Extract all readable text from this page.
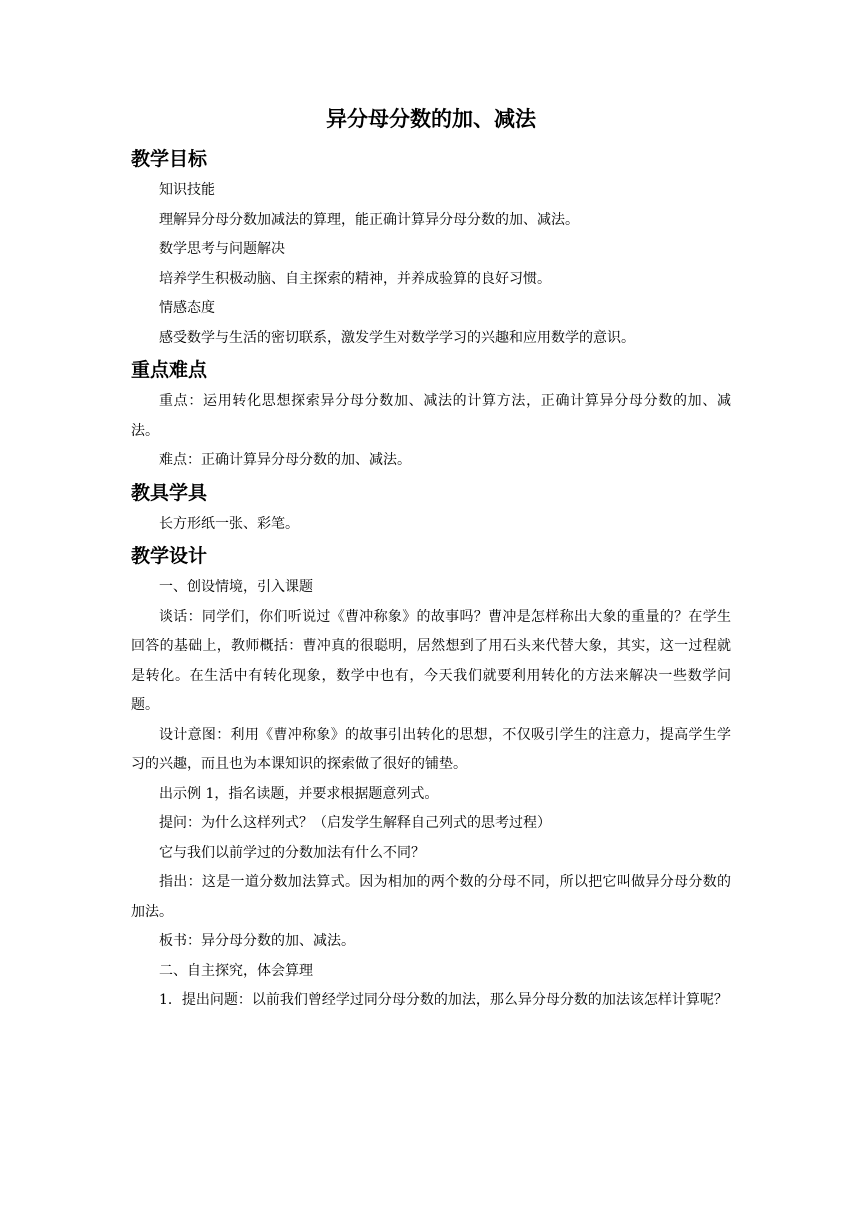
异分母分数的加、减法
教学目标

知识技能

理解异分母分数加减法的算理，能正确计算异分母分数的加、减法。

数学思考与问题解决

培养学生积极动脑、自主探索的精神，并养成验算的良好习惯。

情感态度

感受数学与生活的密切联系，激发学生对数学学习的兴趣和应用数学的意识。

重点难点

重点：运用转化思想探索异分母分数加、减法的计算方法，正确计算异分母分数的加、减法。

难点：正确计算异分母分数的加、减法。

教具学具

长方形纸一张、彩笔。

教学设计

一、创设情境，引入课题

谈话：同学们，你们听说过《曹冲称象》的故事吗？曹冲是怎样称出大象的重量的？在学生回答的基础上，教师概括：曹冲真的很聪明，居然想到了用石头来代替大象，其实，这一过程就是转化。在生活中有转化现象，数学中也有，今天我们就要利用转化的方法来解决一些数学问题。

设计意图：利用《曹冲称象》的故事引出转化的思想，不仅吸引学生的注意力，提高学生学习的兴趣，而且也为本课知识的探索做了很好的铺垫。

出示例 1，指名读题，并要求根据题意列式。

提问：为什么这样列式？（启发学生解释自己列式的思考过程）

它与我们以前学过的分数加法有什么不同？

指出：这是一道分数加法算式。因为相加的两个数的分母不同，所以把它叫做异分母分数的加法。

板书：异分母分数的加、减法。

二、自主探究，体会算理

1．提出问题：以前我们曾经学过同分母分数的加法，那么异分母分数的加法该怎样计算呢？
